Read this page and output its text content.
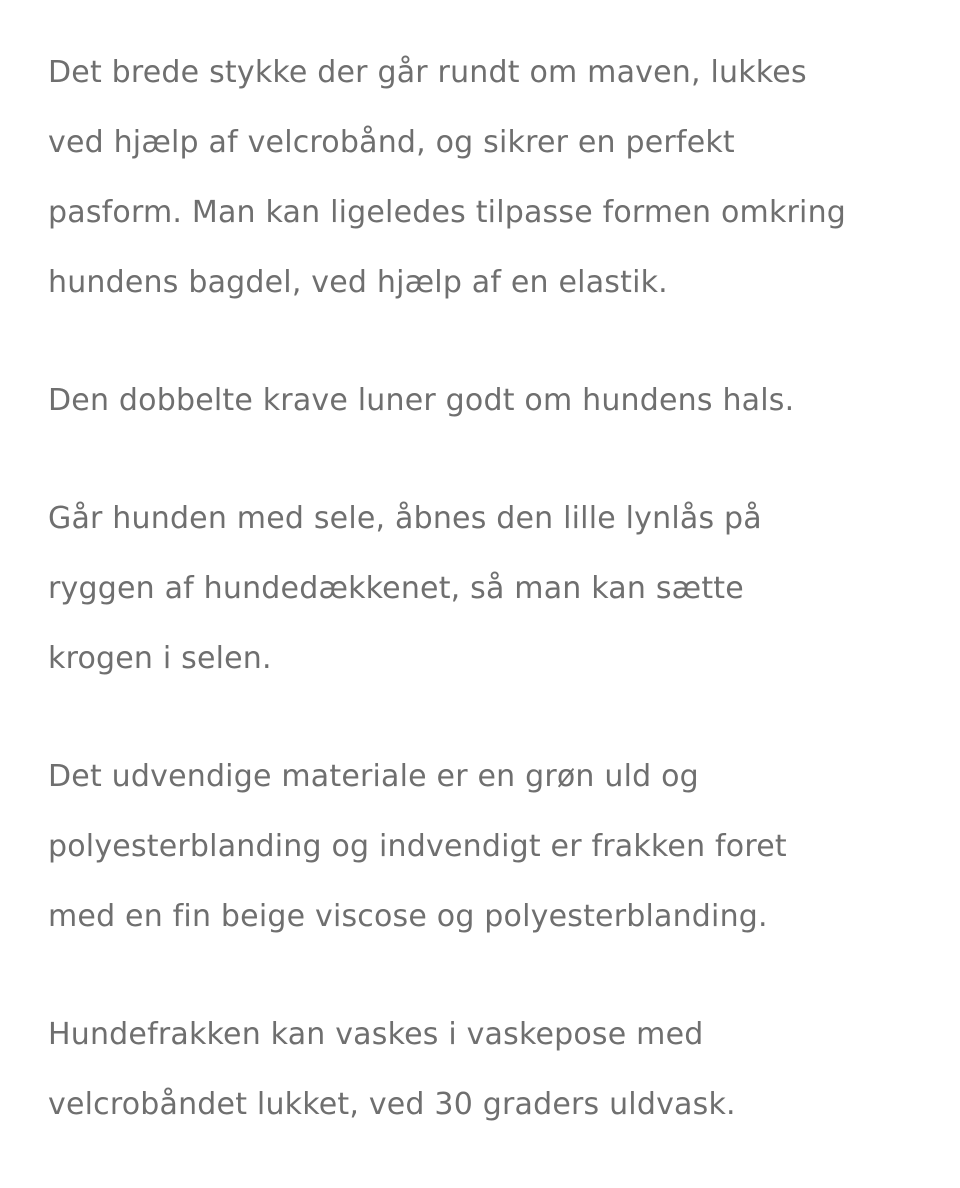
Det brede stykke der går rundt om maven, lukkes
ved hjælp af velcrobånd, og sikrer en perfekt
pasform. Man kan ligeledes tilpasse formen omkring
hundens bagdel, ved hjælp af en elastik.

Den dobbelte krave luner godt om hundens hals.

Går hunden med sele, åbnes den lille lynlås på
ryggen af hundedækkenet, så man kan sætte
krogen i selen.

Det udvendige materiale er en grøn uld og
polyesterblanding og indvendigt er frakken foret
med en fin beige viscose og polyesterblanding.

Hundefrakken kan vaskes i vaskepose med
velcrobåndet lukket, ved 30 graders uldvask.
